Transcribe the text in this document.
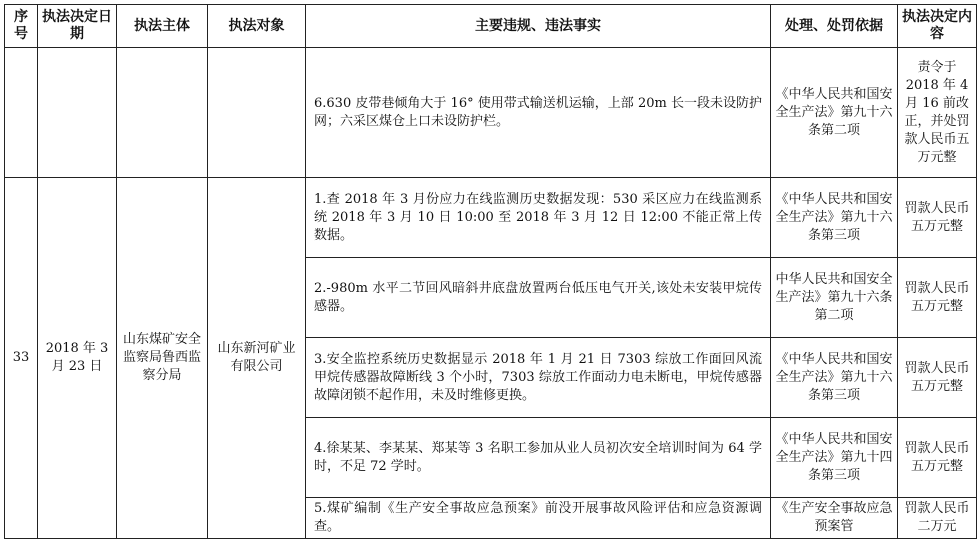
序号	执法决定日期	执法主体	执法对象	主要违规、违法事实	处理、处罚依据	执法决定内容
				6.630 皮带巷倾角大于 16° 使用带式输送机运输，上部 20m 长一段未设防护网；六采区煤仓上口未设防护栏。	《中华人民共和国安全生产法》第九十六条第二项	责令于 2018 年 4 月 16 前改正，并处罚款人民币五万元整
33	2018 年 3 月 23 日	山东煤矿安全监察局鲁西监察分局	山东新河矿业有限公司	1.查 2018 年 3 月份应力在线监测历史数据发现：530 采区应力在线监测系统 2018 年 3 月 10 日 10:00 至 2018 年 3 月 12 日 12:00 不能正常上传数据。	《中华人民共和国安全生产法》第九十六条第三项	罚款人民币五万元整
				2.-980m 水平二节回风暗斜井底盘放置两台低压电气开关,该处未安装甲烷传感器。	中华人民共和国安全生产法》第九十六条第二项	罚款人民币五万元整
				3.安全监控系统历史数据显示 2018 年 1 月 21 日 7303 综放工作面回风流甲烷传感器故障断线 3 个小时，7303 综放工作面动力电未断电，甲烷传感器故障闭锁不起作用，未及时维修更换。	《中华人民共和国安全生产法》第九十六条第三项	罚款人民币五万元整
				4.徐某某、李某某、郑某等 3 名职工参加从业人员初次安全培训时间为 64 学时，不足 72 学时。	《中华人民共和国安全生产法》第九十四条第三项	罚款人民币五万元整
				5.煤矿编制《生产安全事故应急预案》前没开展事故风险评估和应急资源调查。	《生产安全事故应急预案管	罚款人民币二万元
